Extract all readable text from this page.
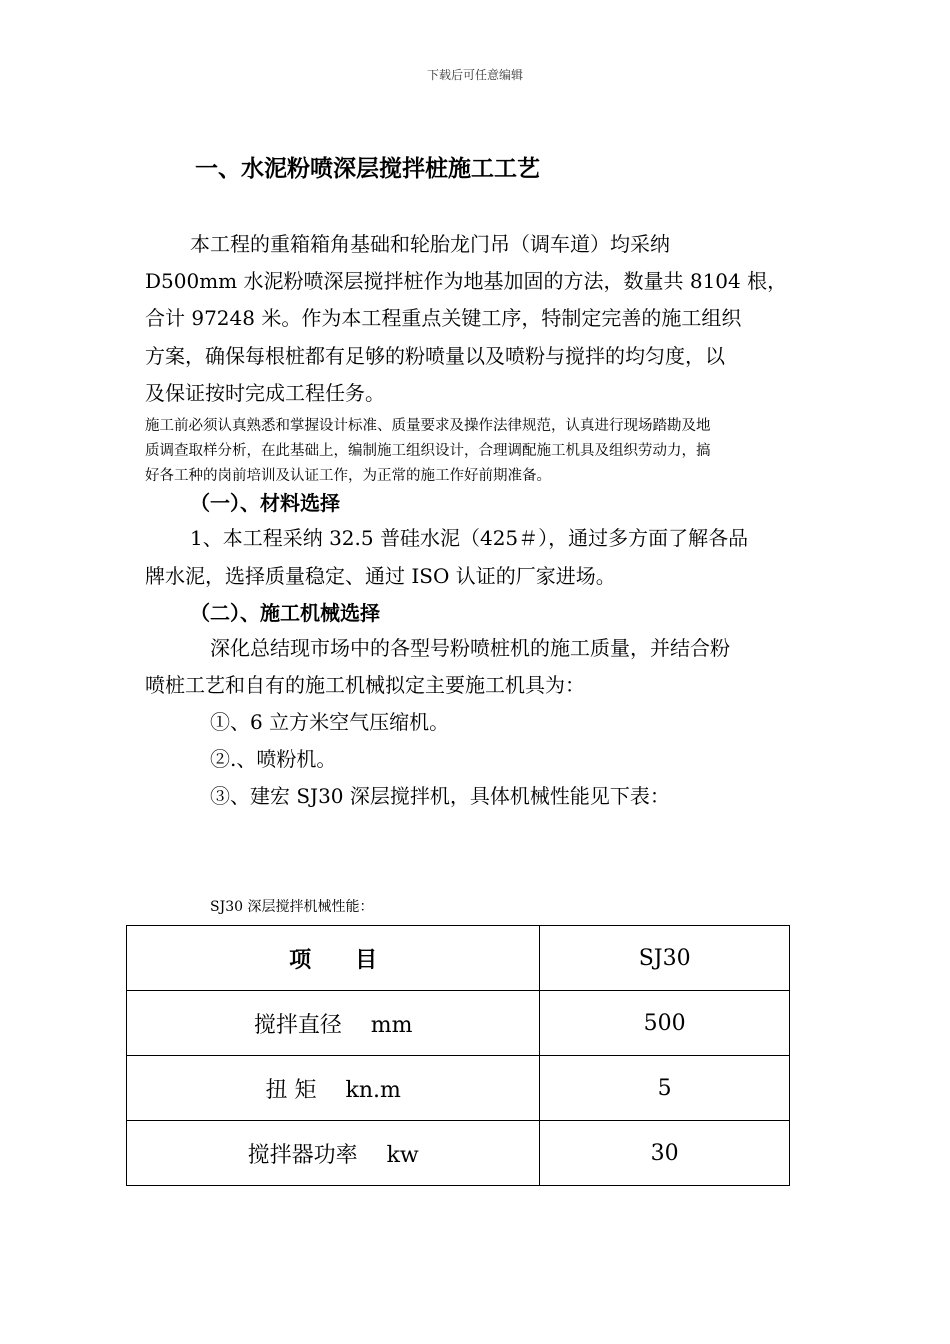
下载后可任意编辑
一、水泥粉喷深层搅拌桩施工工艺
本工程的重箱箱角基础和轮胎龙门吊（调车道）均采纳
D500mm 水泥粉喷深层搅拌桩作为地基加固的方法，数量共 8104 根，
合计 97248 米。作为本工程重点关键工序，特制定完善的施工组织
方案，确保每根桩都有足够的粉喷量以及喷粉与搅拌的均匀度，以
及保证按时完成工程任务。
施工前必须认真熟悉和掌握设计标准、质量要求及操作法律规范，认真进行现场踏勘及地
质调查取样分析，在此基础上，编制施工组织设计，合理调配施工机具及组织劳动力，搞
好各工种的岗前培训及认证工作，为正常的施工作好前期准备。
（一）、材料选择
1、本工程采纳 32.5 普硅水泥（425＃），通过多方面了解各品
牌水泥，选择质量稳定、通过 ISO 认证的厂家进场。
（二）、施工机械选择
深化总结现市场中的各型号粉喷桩机的施工质量，并结合粉
喷桩工艺和自有的施工机械拟定主要施工机具为：
①、6 立方米空气压缩机。
②.、喷粉机。
③、建宏 SJ30 深层搅拌机，具体机械性能见下表：
SJ30 深层搅拌机械性能：
项　　目	SJ30
搅拌直径　 mm	500
扭 矩　 kn.m	5
搅拌器功率　 kw	30
